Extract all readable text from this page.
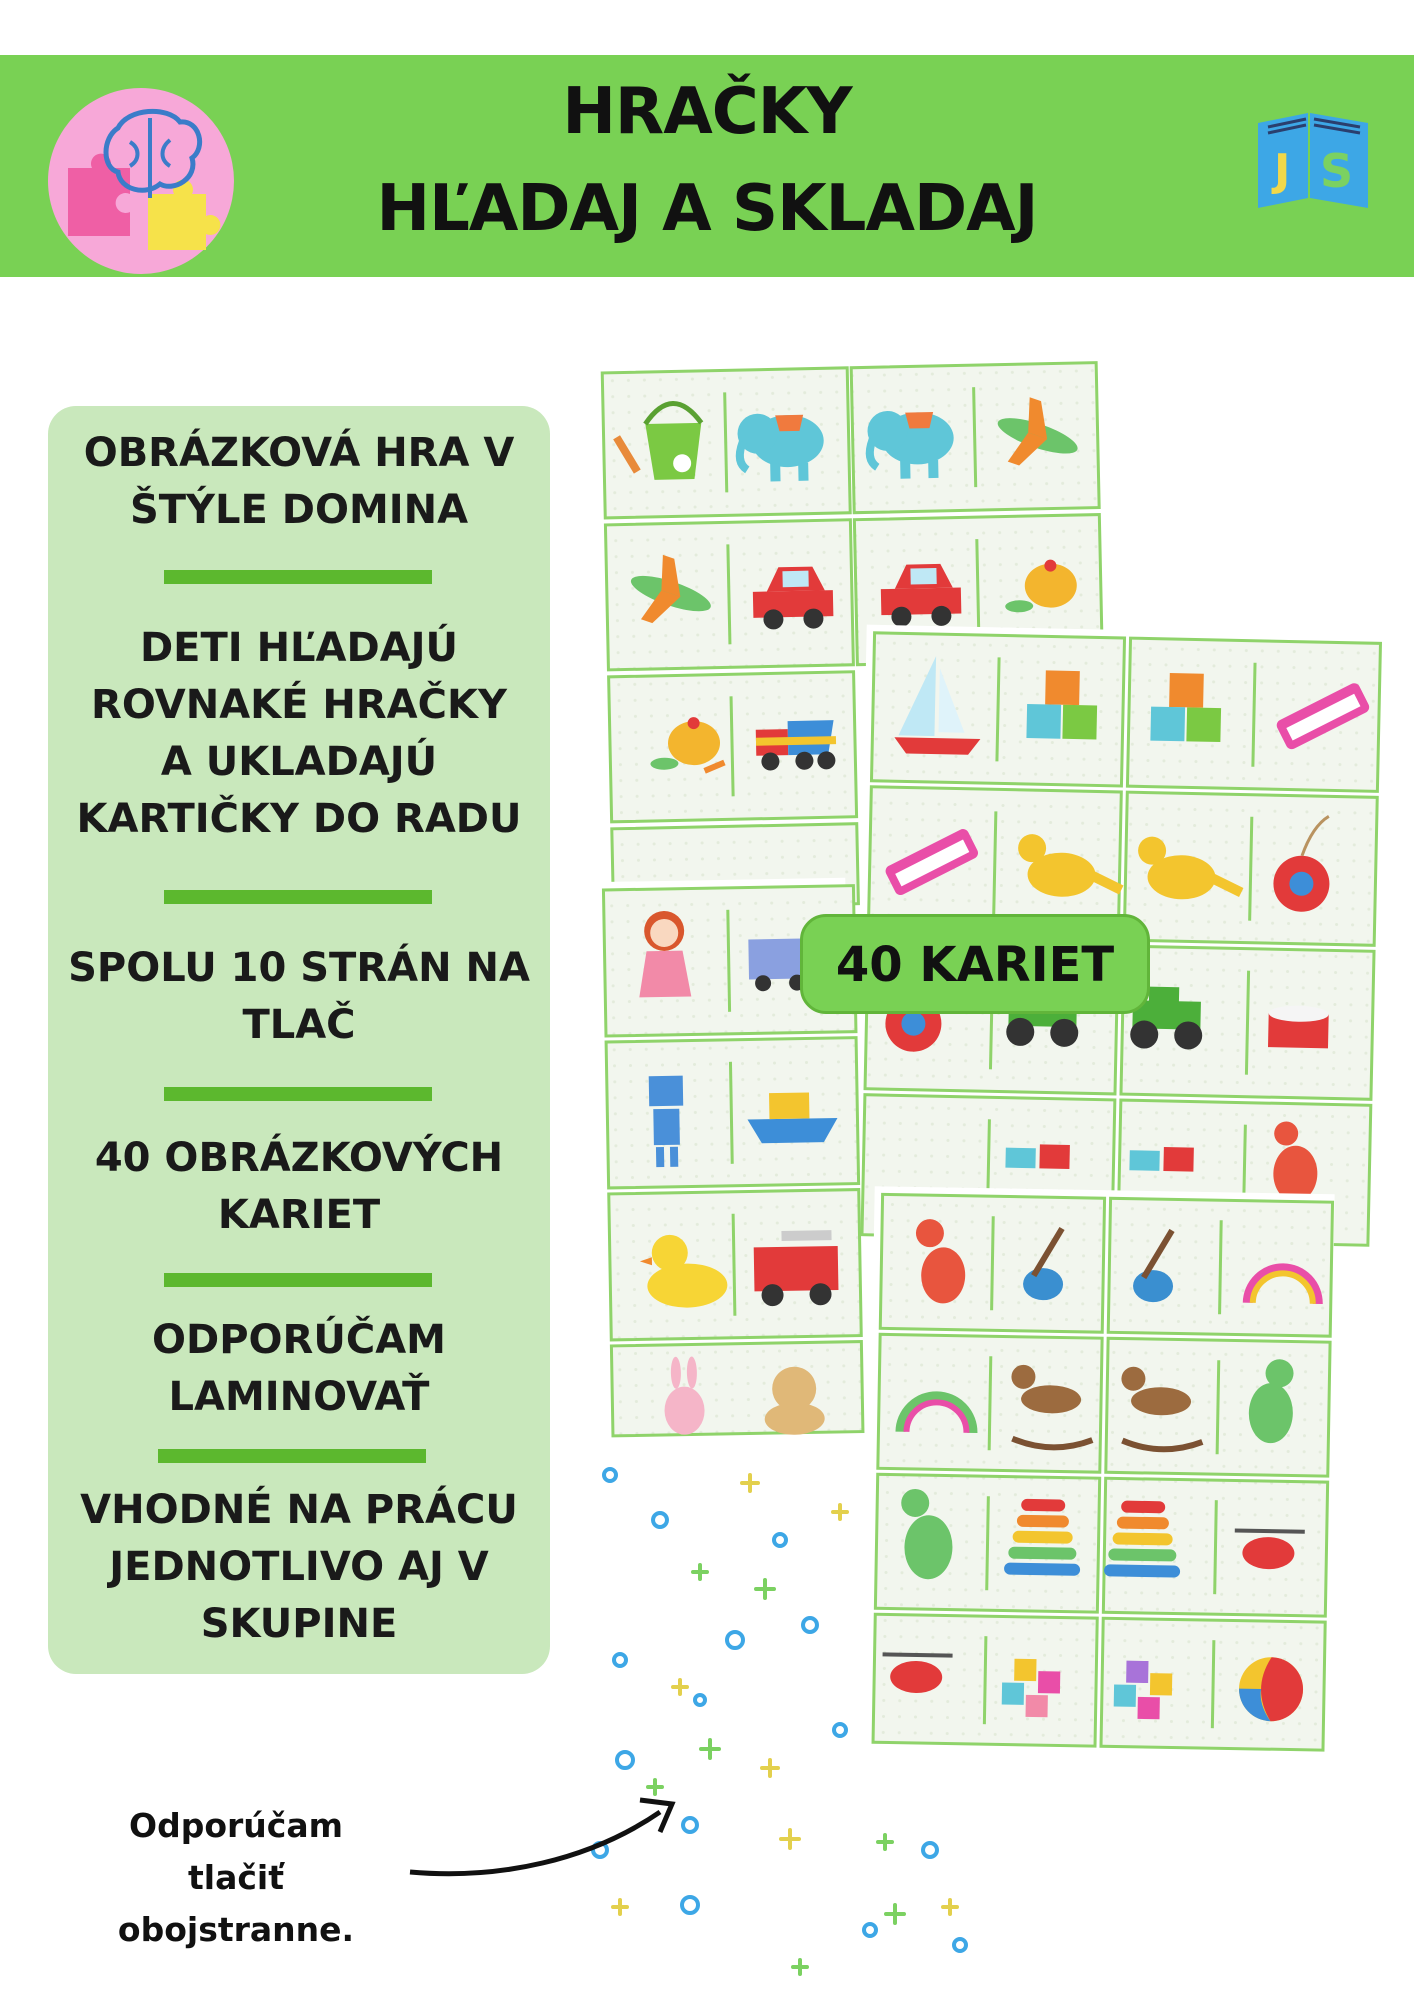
HRAČKY
HĽADAJ A SKLADAJ
J S
OBRÁZKOVÁ HRA V
ŠTÝLE DOMINA
DETI HĽADAJÚ
ROVNAKÉ HRAČKY
A UKLADAJÚ
KARTIČKY DO RADU
SPOLU 10 STRÁN NA
TLAČ
40 OBRÁZKOVÝCH
KARIET
ODPORÚČAM
LAMINOVAŤ
VHODNÉ NA PRÁCU
JEDNOTLIVO AJ V
SKUPINE
40 KARIET
Odporúčam tlačiť
obojstranne.
